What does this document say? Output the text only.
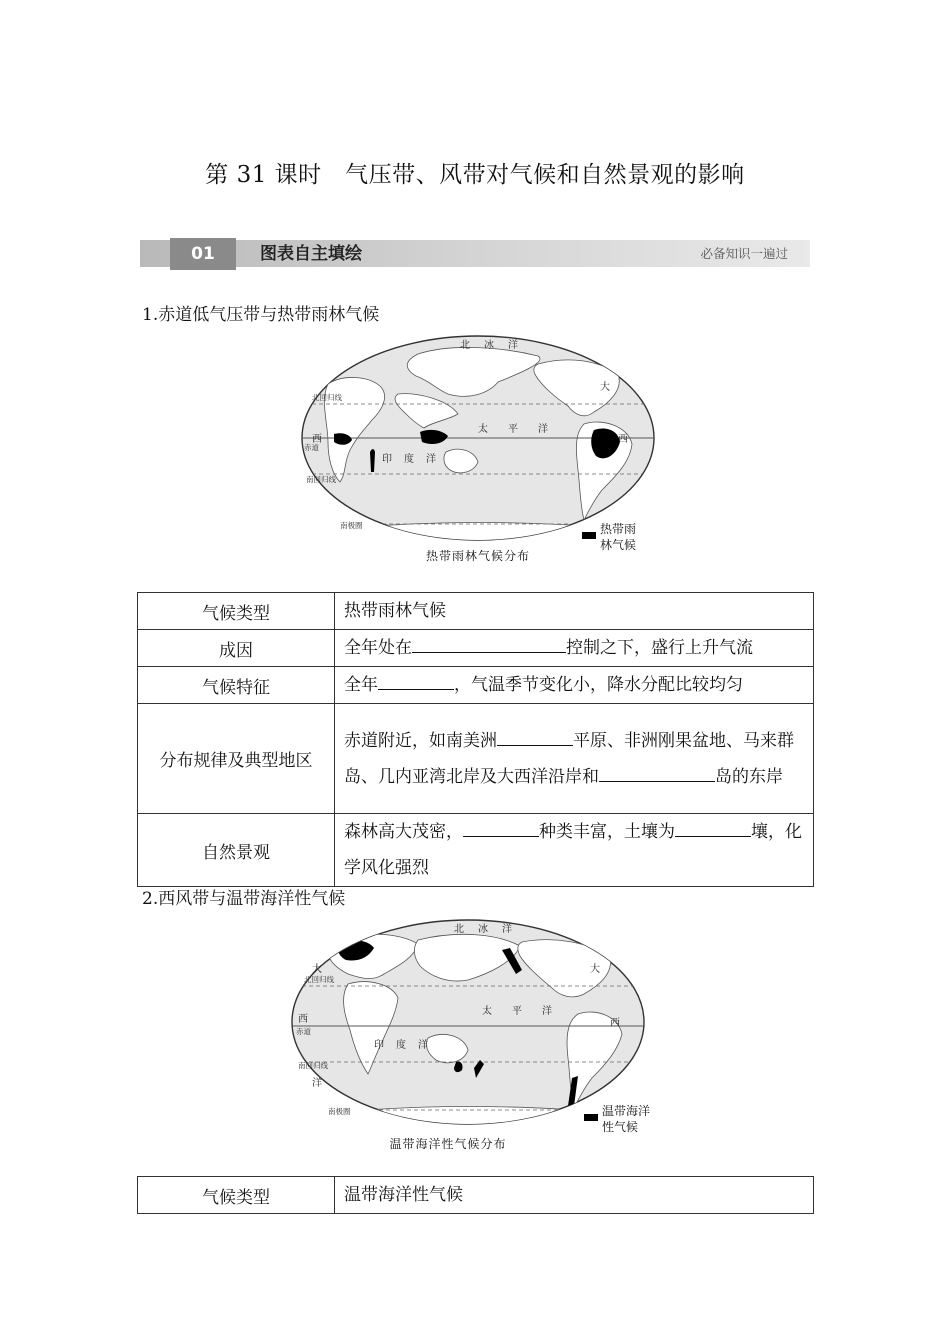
第 31 课时　气压带、风带对气候和自然景观的影响
01	图表自主填绘	必备知识一遍过
1.赤道低气压带与热带雨林气候
北 冰 洋
大
西
太 平 洋
印 度 洋
西
北回归线
赤道
南回归线
南极圈
热带雨林气候分布
热带雨
林气候
气候类型	热带雨林气候
成因	全年处在 控制之下，盛行上升气流
气候特征	全年 ，气温季节变化小，降水分配比较均匀
分布规律及典型地区	赤道附近，如南美洲 平原、非洲刚果盆地、马来群岛、几内亚湾北岸及大西洋沿岸和 岛的东岸
自然景观	森林高大茂密， 种类丰富，土壤为 壤，化学风化强烈
2.西风带与温带海洋性气候
北 冰 洋
大	大
西	西
太 平 洋
印 度 洋
洋
北回归线
赤道
南回归线
南极圈
温带海洋性气候分布
温带海洋
性气候
气候类型	温带海洋性气候
